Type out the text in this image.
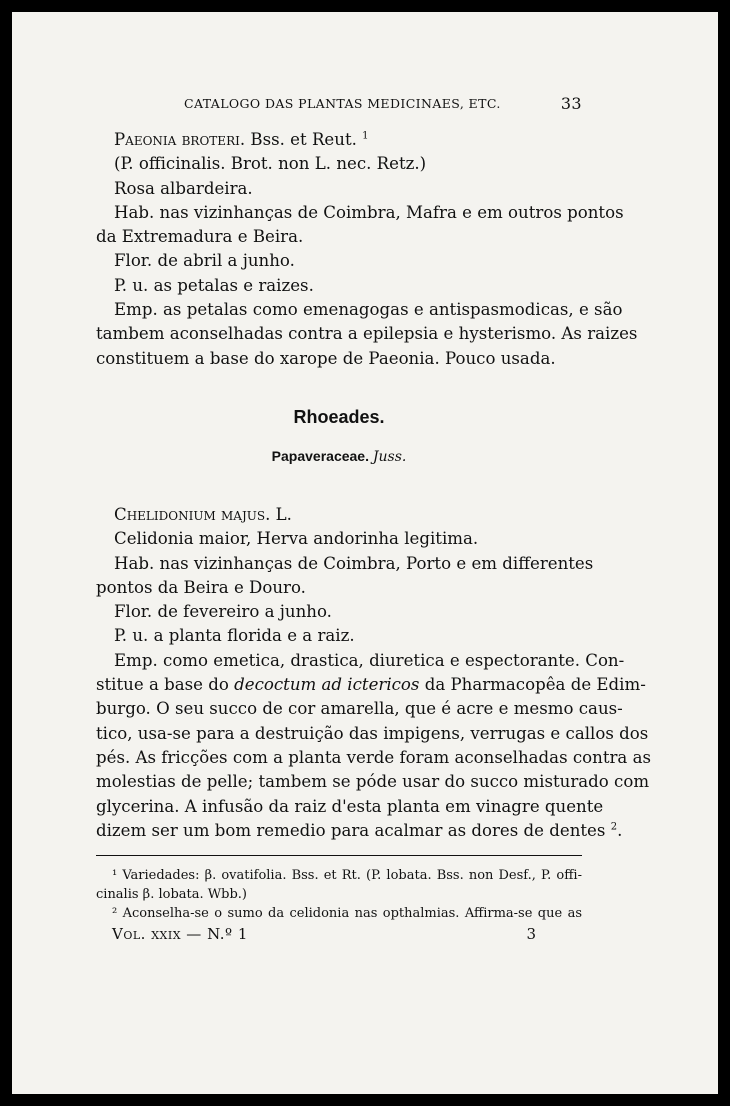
CATALOGO DAS PLANTAS MEDICINAES, ETC.	33

Paeonia broteri. Bss. et Reut. $^1$

(P. officinalis. Brot. non L. nec. Retz.)

Rosa albardeira.

Hab. nas vizinhanças de Coimbra, Mafra e em outros pontos

da Extremadura e Beira.

Flor. de abril a junho.

P. u. as petalas e raizes.

Emp. as petalas como emenagogas e antispasmodicas, e são

tambem aconselhadas contra a epilepsia e hysterismo. As raizes

constituem a base do xarope de Paeonia. Pouco usada.

Rhoeades.
Papaveraceae. Juss.

Chelidonium majus. L.

Celidonia maior, Herva andorinha legitima.

Hab. nas vizinhanças de Coimbra, Porto e em differentes

pontos da Beira e Douro.

Flor. de fevereiro a junho.

P. u. a planta florida e a raiz.

Emp. como emetica, drastica, diuretica e espectorante. Con-

stitue a base do decoctum ad ictericos da Pharmacopêa de Edim-

burgo. O seu succo de cor amarella, que é acre e mesmo caus-

tico, usa-se para a destruição das impigens, verrugas e callos dos

pés. As fricções com a planta verde foram aconselhadas contra as

molestias de pelle; tambem se póde usar do succo misturado com

glycerina. A infusão da raiz d'esta planta em vinagre quente

dizem ser um bom remedio para acalmar as dores de dentes $^2$.

¹ Variedades: β. ovatifolia. Bss. et Rt. (P. lobata. Bss. non Desf., P. offi-

cinalis β. lobata. Wbb.)

² Aconselha-se o sumo da celidonia nas opthalmias. Affirma-se que as

Vol. xxix — N.º 1	3
